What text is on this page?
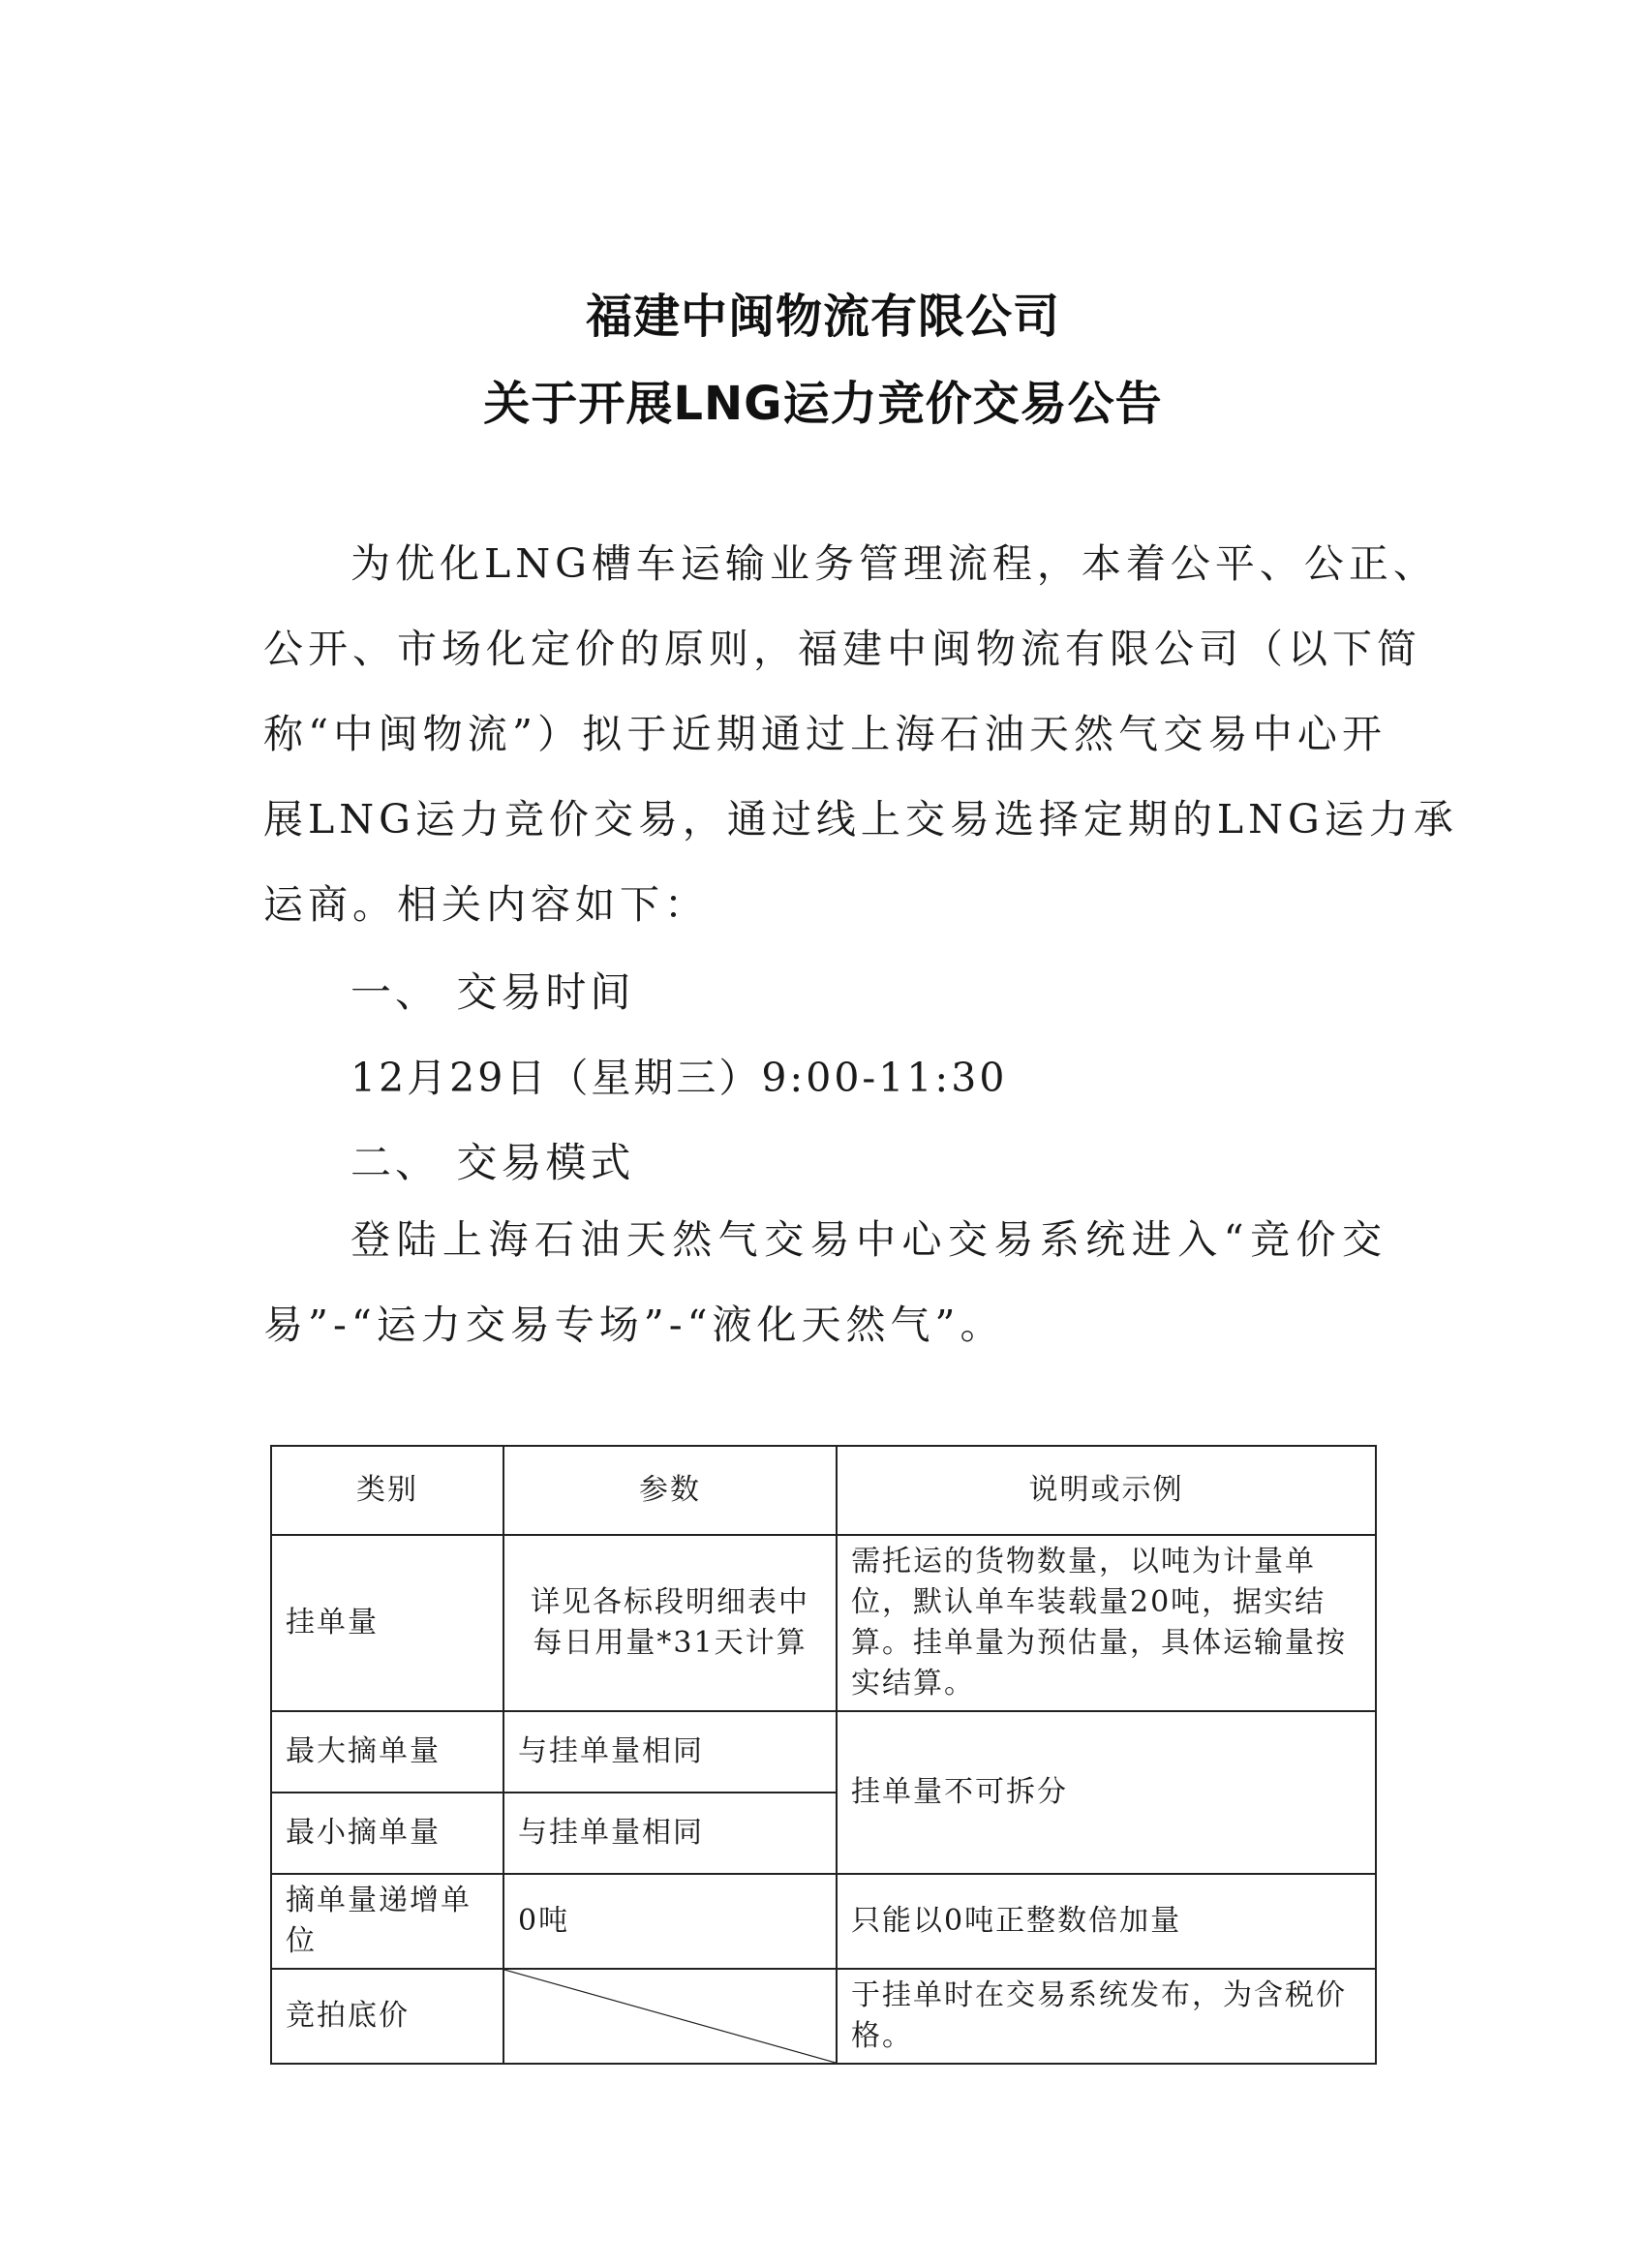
福建中闽物流有限公司
关于开展LNG运力竞价交易公告
为优化LNG槽车运输业务管理流程，本着公平、公正、
公开、市场化定价的原则，福建中闽物流有限公司（以下简
称“中闽物流”）拟于近期通过上海石油天然气交易中心开
展LNG运力竞价交易，通过线上交易选择定期的LNG运力承
运商。相关内容如下：
一、 交易时间
12月29日（星期三）9:00-11:30
二、 交易模式
登陆上海石油天然气交易中心交易系统进入“竞价交
易”-“运力交易专场”-“液化天然气”。
类别	参数	说明或示例
挂单量	详见各标段明细表中每日用量*31天计算	需托运的货物数量，以吨为计量单位，默认单车装载量20吨，据实结算。挂单量为预估量，具体运输量按实结算。
最大摘单量	与挂单量相同	挂单量不可拆分
最小摘单量	与挂单量相同	
摘单量递增单位	0吨	只能以0吨正整数倍加量
竞拍底价		于挂单时在交易系统发布，为含税价格。
